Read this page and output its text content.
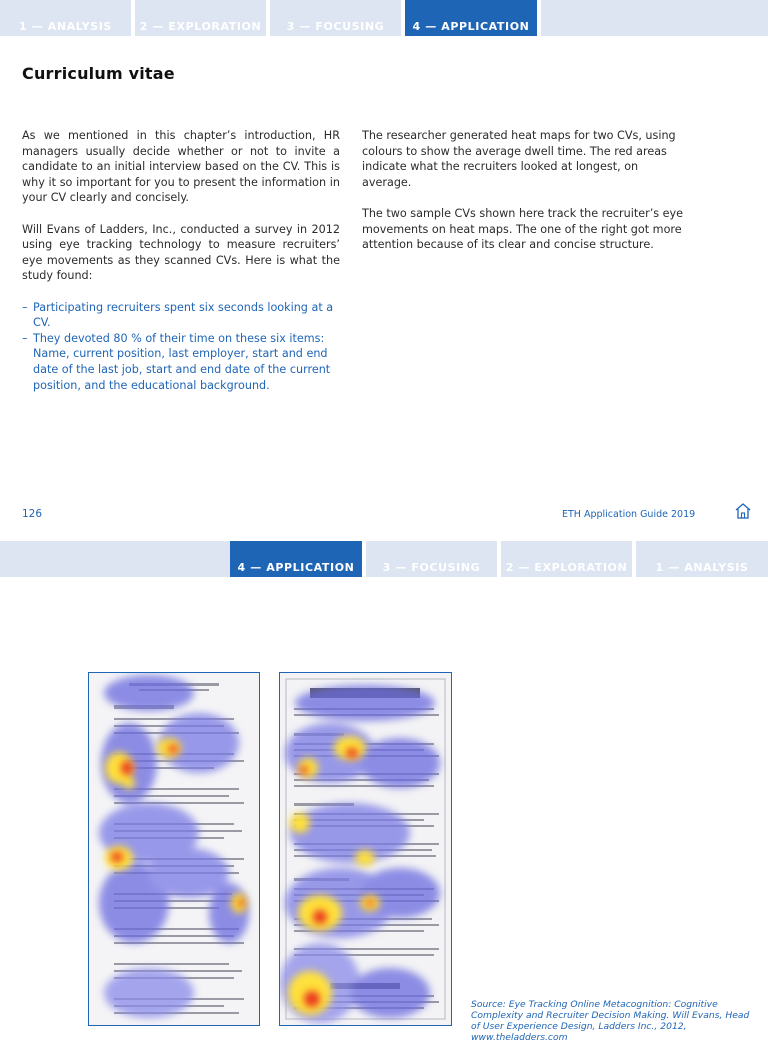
1 — ANALYSIS	2 — EXPLORATION	3 — FOCUSING	4 — APPLICATION
Curriculum vitae

As we mentioned in this chapter’s introduction, HR managers usually decide whether or not to invite a candidate to an initial interview based on the CV. This is why it so important for you to present the information in your CV clearly and concisely.

Will Evans of Ladders, Inc., conducted a survey in 2012 using eye tracking technology to measure recruiters’ eye movements as they scanned CVs. Here is what the study found:

– Participating recruiters spent six seconds looking at a CV.
– They devoted 80 % of their time on these six items: Name, current position, last employer, start and end date of the last job, start and end date of the current position, and the educational background.

The researcher generated heat maps for two CVs, using colours to show the average dwell time. The red areas indicate what the recruiters looked at longest, on average.

The two sample CVs shown here track the recruiter’s eye movements on heat maps. The one of the right got more attention because of its clear and concise structure.

126	ETH Application Guide 2019
4 — APPLICATION	3 — FOCUSING	2 — EXPLORATION	1 — ANALYSIS
Source: Eye Tracking Online Metacognition: Cognitive Complexity and Recruiter Decision Making. Will Evans, Head of User Experience Design, Ladders Inc., 2012, www.theladders.com
